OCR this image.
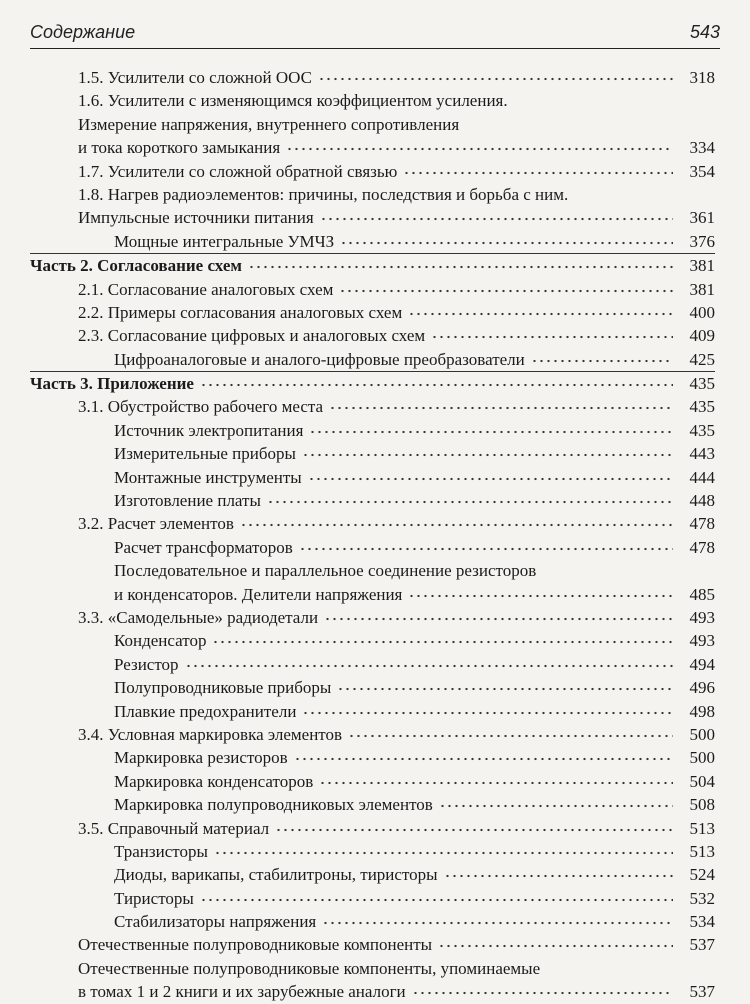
Содержание	543
1.5. Усилители со сложной ООС	318
1.6. Усилители с изменяющимся коэффициентом усиления.
Измерение напряжения, внутреннего сопротивления
и тока короткого замыкания	334
1.7. Усилители со сложной обратной связью	354
1.8. Нагрев радиоэлементов: причины, последствия и борьба с ним.
Импульсные источники питания	361
Мощные интегральные УМЧЗ	376
Часть 2. Согласование схем	381
2.1. Согласование аналоговых схем	381
2.2. Примеры согласования аналоговых схем	400
2.3. Согласование цифровых и аналоговых схем	409
Цифроаналоговые и аналого-цифровые преобразователи	425
Часть 3. Приложение	435
3.1. Обустройство рабочего места	435
Источник электропитания	435
Измерительные приборы	443
Монтажные инструменты	444
Изготовление платы	448
3.2. Расчет элементов	478
Расчет трансформаторов	478
Последовательное и параллельное соединение резисторов
и конденсаторов. Делители напряжения	485
3.3. «Самодельные» радиодетали	493
Конденсатор	493
Резистор	494
Полупроводниковые приборы	496
Плавкие предохранители	498
3.4. Условная маркировка элементов	500
Маркировка резисторов	500
Маркировка конденсаторов	504
Маркировка полупроводниковых элементов	508
3.5. Справочный материал	513
Транзисторы	513
Диоды, варикапы, стабилитроны, тиристоры	524
Тиристоры	532
Стабилизаторы напряжения	534
Отечественные полупроводниковые компоненты	537
Отечественные полупроводниковые компоненты, упоминаемые
в томах 1 и 2 книги и их зарубежные аналоги	537
